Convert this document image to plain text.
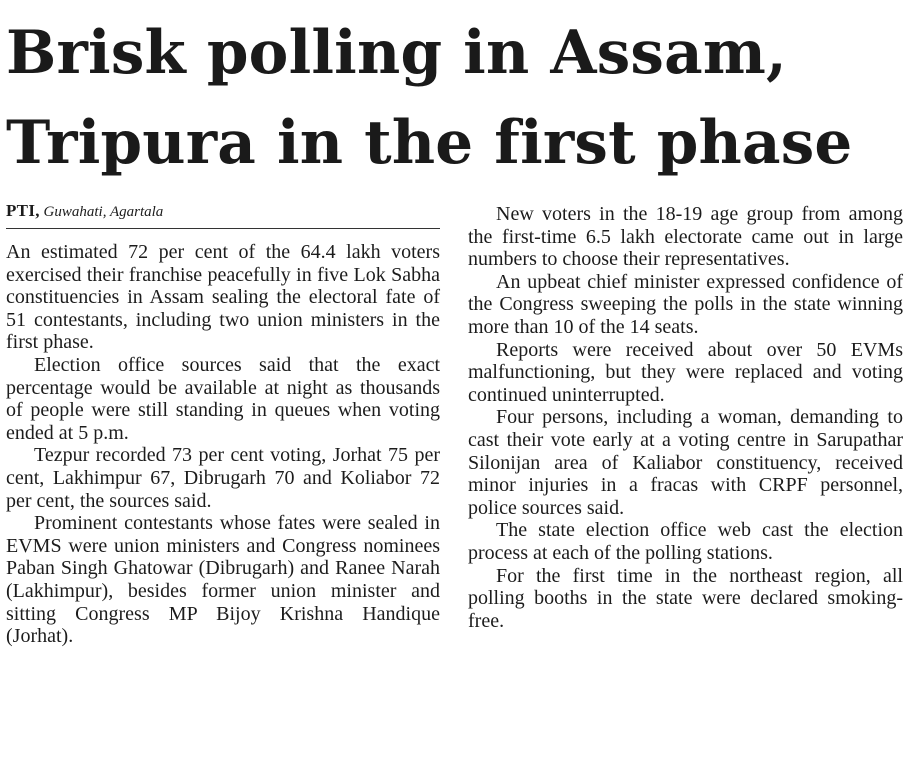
Brisk polling in Assam,
Tripura in the first phase
PTI, Guwahati, Agartala

An estimated 72 per cent of the 64.4 lakh voters exercised their franchise peacefully in five Lok Sabha constituencies in Assam sealing the electoral fate of 51 contestants, including two union ministers in the first phase.

Election office sources said that the exact percentage would be available at night as thousands of people were still standing in queues when voting ended at 5 p.m.

Tezpur recorded 73 per cent voting, Jorhat 75 per cent, Lakhimpur 67, Dibrugarh 70 and Koliabor 72 per cent, the sources said.

Prominent contestants whose fates were sealed in EVMS were union ministers and Congress nominees Paban Singh Ghatowar (Dibrugarh) and Ranee Narah (Lakhimpur), besides former union minister and sitting Congress MP Bijoy Krishna Handique (Jorhat).

New voters in the 18-19 age group from among the first-time 6.5 lakh electorate came out in large numbers to choose their representatives.

An upbeat chief minister expressed confidence of the Congress sweeping the polls in the state winning more than 10 of the 14 seats.

Reports were received about over 50 EVMs malfunctioning, but they were replaced and voting continued uninterrupted.

Four persons, including a woman, demanding to cast their vote early at a voting centre in Sarupathar Silonijan area of Kaliabor constituency, received minor injuries in a fracas with CRPF personnel, police sources said.

The state election office web cast the election process at each of the polling stations.

For the first time in the northeast region, all polling booths in the state were declared smoking-free.
